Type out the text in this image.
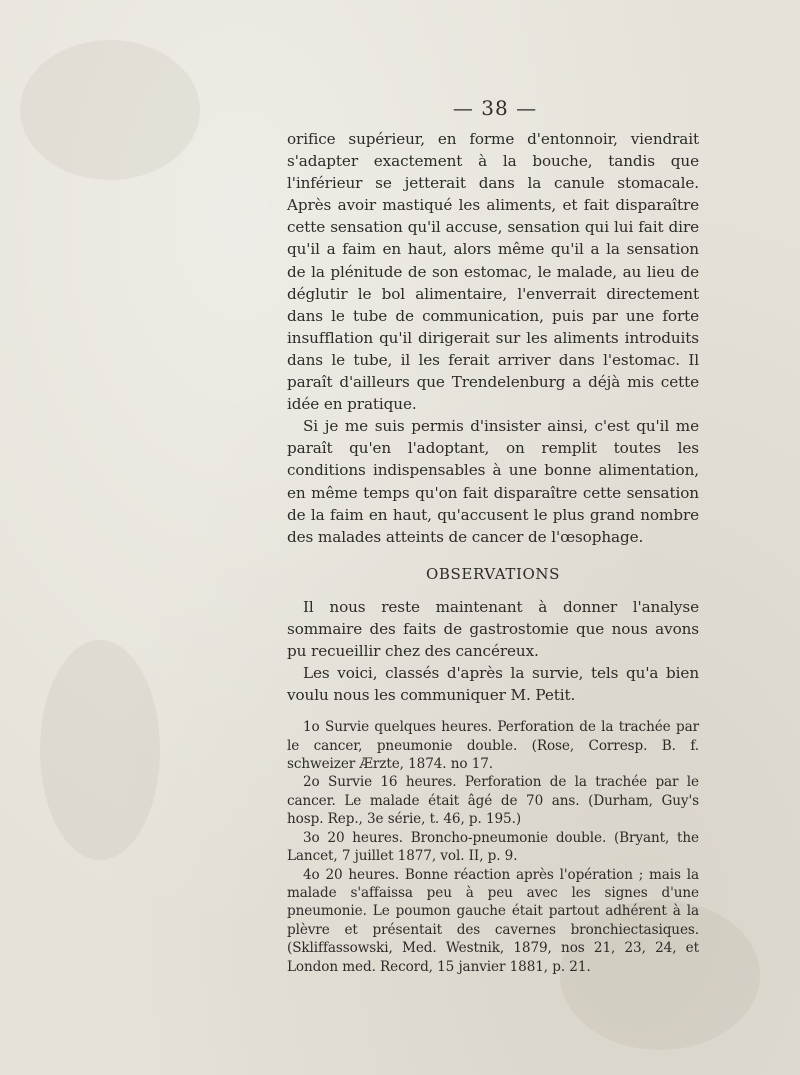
— 38 —

orifice supérieur, en forme d'entonnoir, viendrait s'adapter exactement à la bouche, tandis que l'inférieur se jetterait dans la canule stomacale. Après avoir mastiqué les aliments, et fait disparaître cette sensation qu'il accuse, sensation qui lui fait dire qu'il a faim en haut, alors même qu'il a la sensation de la plénitude de son estomac, le malade, au lieu de déglutir le bol alimentaire, l'enverrait directement dans le tube de communication, puis par une forte insufflation qu'il dirigerait sur les aliments introduits dans le tube, il les ferait arriver dans l'estomac. Il paraît d'ailleurs que Trendelenburg a déjà mis cette idée en pratique.

Si je me suis permis d'insister ainsi, c'est qu'il me paraît qu'en l'adoptant, on remplit toutes les conditions indispensables à une bonne alimentation, en même temps qu'on fait disparaître cette sensation de la faim en haut, qu'accusent le plus grand nombre des malades atteints de cancer de l'œsophage.

OBSERVATIONS

Il nous reste maintenant à donner l'analyse sommaire des faits de gastrostomie que nous avons pu recueillir chez des cancéreux.

Les voici, classés d'après la survie, tels qu'a bien voulu nous les communiquer M. Petit.

1o Survie quelques heures. Perforation de la trachée par le cancer, pneumonie double. (Rose, Corresp. B. f. schweizer Ærzte, 1874. no 17.

2o Survie 16 heures. Perforation de la trachée par le cancer. Le malade était âgé de 70 ans. (Durham, Guy's hosp. Rep., 3e série, t. 46, p. 195.)

3o 20 heures. Broncho-pneumonie double. (Bryant, the Lancet, 7 juillet 1877, vol. II, p. 9.

4o 20 heures. Bonne réaction après l'opération ; mais la malade s'affaissa peu à peu avec les signes d'une pneumonie. Le poumon gauche était partout adhérent à la plèvre et présentait des cavernes bronchiectasiques. (Skliffassowski, Med. Westnik, 1879, nos 21, 23, 24, et London med. Record, 15 janvier 1881, p. 21.
